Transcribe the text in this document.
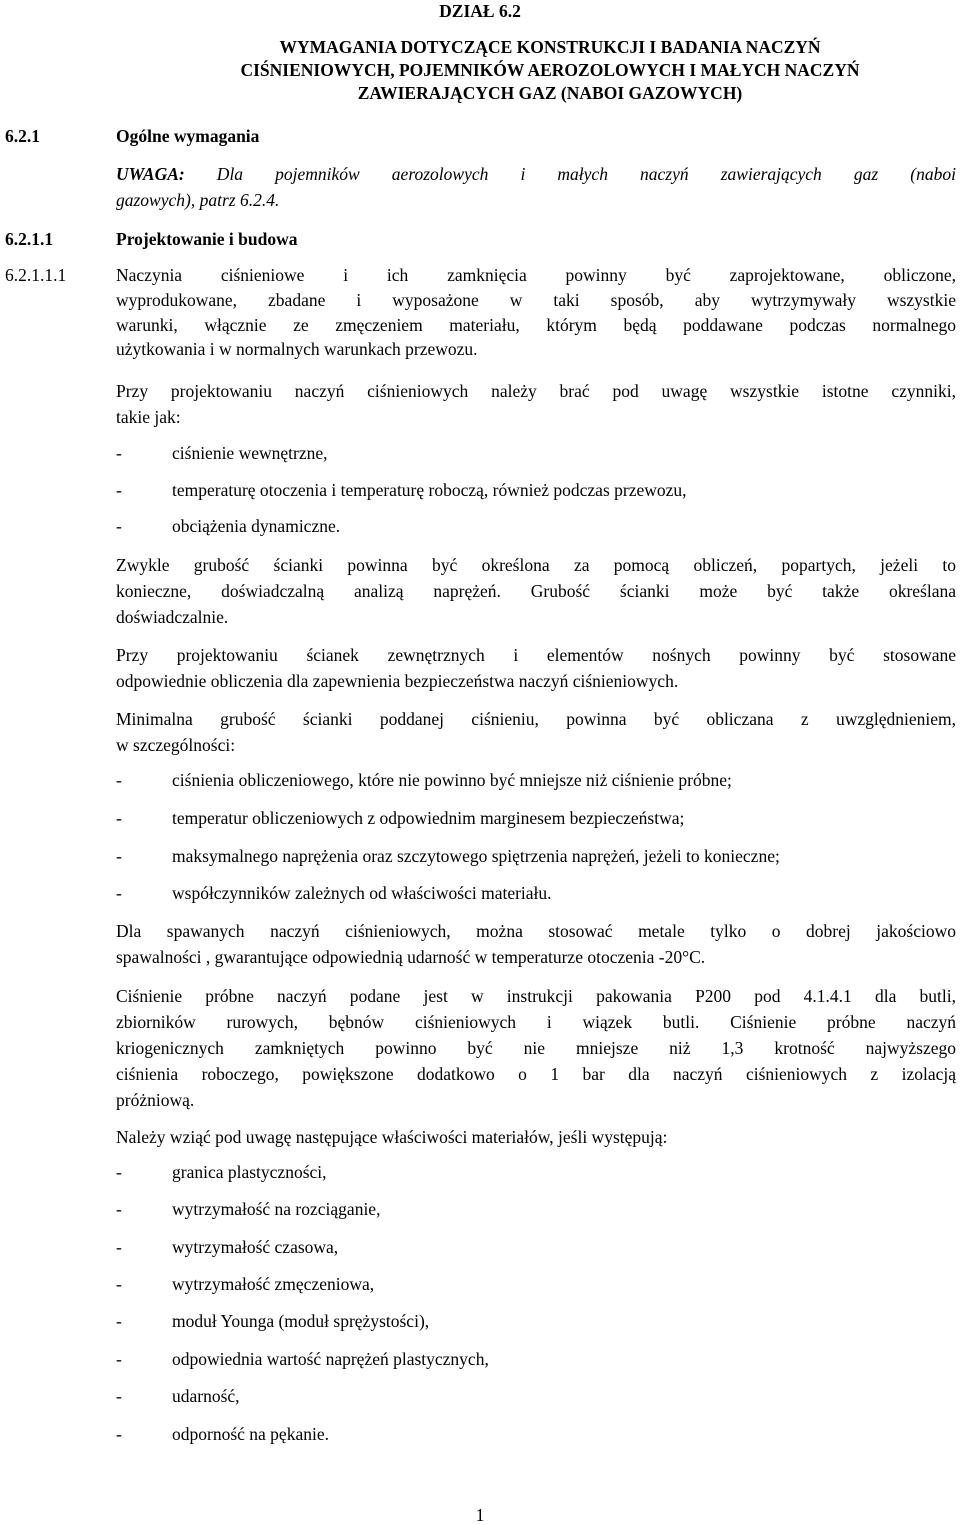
DZIAŁ 6.2
WYMAGANIA DOTYCZĄCE KONSTRUKCJI I BADANIA NACZYŃ
CIŚNIENIOWYCH, POJEMNIKÓW AEROZOLOWYCH I MAŁYCH NACZYŃ
ZAWIERAJĄCYCH GAZ (NABOI GAZOWYCH)
6.2.1	Ogólne wymagania
UWAGA: Dla pojemników aerozolowych i małych naczyń zawierających gaz (naboi
gazowych), patrz 6.2.4.
6.2.1.1	Projektowanie i budowa
6.2.1.1.1	Naczynia ciśnieniowe i ich zamknięcia powinny być zaprojektowane, obliczone,
wyprodukowane, zbadane i wyposażone w taki sposób, aby wytrzymywały wszystkie
warunki, włącznie ze zmęczeniem materiału, którym będą poddawane podczas normalnego
użytkowania i w normalnych warunkach przewozu.
Przy projektowaniu naczyń ciśnieniowych należy brać pod uwagę wszystkie istotne czynniki,
takie jak:
-	ciśnienie wewnętrzne,
-	temperaturę otoczenia i temperaturę roboczą, również podczas przewozu,
-	obciążenia dynamiczne.
Zwykle grubość ścianki powinna być określona za pomocą obliczeń, popartych, jeżeli to
konieczne, doświadczalną analizą naprężeń. Grubość ścianki może być także określana
doświadczalnie.
Przy projektowaniu ścianek zewnętrznych i elementów nośnych powinny być stosowane
odpowiednie obliczenia dla zapewnienia bezpieczeństwa naczyń ciśnieniowych.
Minimalna grubość ścianki poddanej ciśnieniu, powinna być obliczana z uwzględnieniem,
w szczególności:
-	ciśnienia obliczeniowego, które nie powinno być mniejsze niż ciśnienie próbne;
-	temperatur obliczeniowych z odpowiednim marginesem bezpieczeństwa;
-	maksymalnego naprężenia oraz szczytowego spiętrzenia naprężeń, jeżeli to konieczne;
-	współczynników zależnych od właściwości materiału.
Dla spawanych naczyń ciśnieniowych, można stosować metale tylko o dobrej jakościowo
spawalności , gwarantujące odpowiednią udarność w temperaturze otoczenia -20°C.
Ciśnienie próbne naczyń podane jest w instrukcji pakowania P200 pod 4.1.4.1 dla butli,
zbiorników rurowych, bębnów ciśnieniowych i wiązek butli. Ciśnienie próbne naczyń
kriogenicznych zamkniętych powinno być nie mniejsze niż 1,3 krotność najwyższego
ciśnienia roboczego, powiększone dodatkowo o 1 bar dla naczyń ciśnieniowych z izolacją
próżniową.
Należy wziąć pod uwagę następujące właściwości materiałów, jeśli występują:
-	granica plastyczności,
-	wytrzymałość na rozciąganie,
-	wytrzymałość czasowa,
-	wytrzymałość zmęczeniowa,
-	moduł Younga (moduł sprężystości),
-	odpowiednia wartość naprężeń plastycznych,
-	udarność,
-	odporność na pękanie.
1
